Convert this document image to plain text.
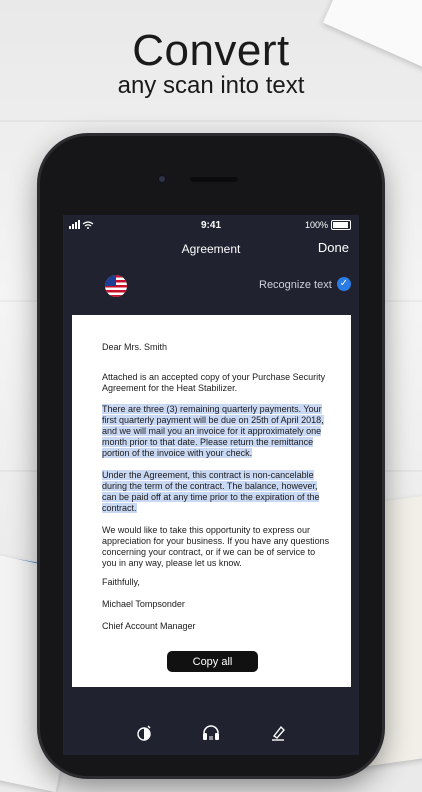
Convert
any scan into text
9:41	100%
Agreement	Done
Recognize text ✓

Dear Mrs. Smith

Attached is an accepted copy of your Purchase Security Agreement for the Heat Stabilizer.

There are three (3) remaining quarterly payments. Your first quarterly payment will be due on 25th of April 2018, and we will mail you an invoice for it approximately one month prior to that date. Please return the remittance portion of the invoice with your check.

Under the Agreement, this contract is non-cancelable during the term of the contract. The balance, however, can be paid off at any time prior to the expiration of the contract.

We would like to take this opportunity to express our appreciation for your business. If you have any questions concerning your contract, or if we can be of service to you in any way, please let us know.

Faithfully,

Michael Tompsonder

Chief Account Manager

Copy all
